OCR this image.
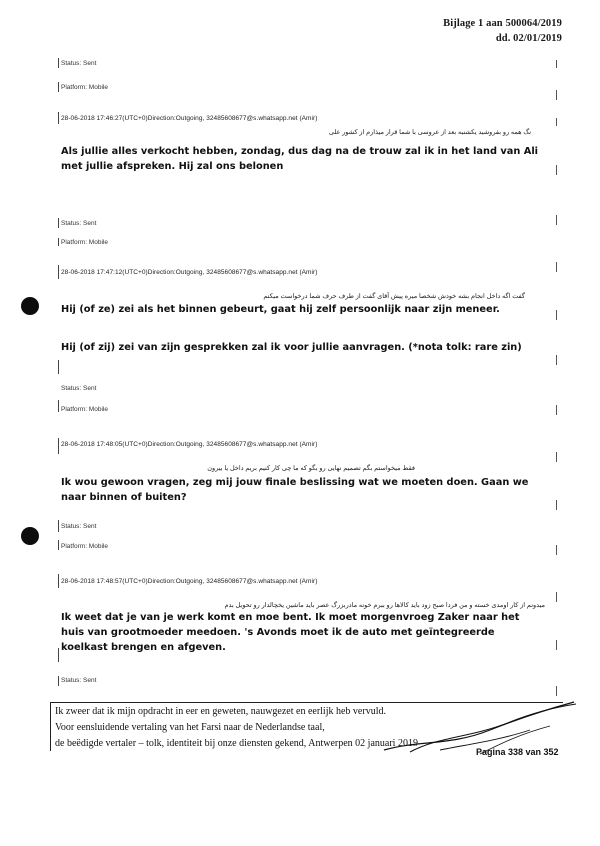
Bijlage 1 aan 500064/2019
dd. 02/01/2019
Status: Sent
Platform: Mobile
28-06-2018 17:46:27(UTC+0)Direction:Outgoing, 32485608677@s.whatsapp.net (Amir)
نگ همه رو بفروشید یکشنبه بعد از عروسی با شما قرار میذارم از کشور علی
Als jullie alles verkocht hebben, zondag, dus dag na de trouw zal ik in het land van Ali met jullie afspreken. Hij zal ons belonen
Status: Sent
Platform: Mobile
28-06-2018 17:47:12(UTC+0)Direction:Outgoing, 32485608677@s.whatsapp.net (Amir)
گفت اگه داخل انجام بشه خودش شخصا میره پیش آقای گفت از طرف حرف شما درخواست میکنم
Hij (of ze) zei als het binnen gebeurt, gaat hij zelf persoonlijk naar zijn meneer.
Hij (of zij) zei van zijn gesprekken zal ik voor jullie aanvragen. (*nota tolk: rare zin)
Status: Sent
Platform: Mobile
28-06-2018 17:48:05(UTC+0)Direction:Outgoing, 32485608677@s.whatsapp.net (Amir)
فقط میخواستم بگم تصمیم نهایی رو بگو که ما چی کار کنیم بریم داخل یا بیرون
Ik wou gewoon vragen, zeg mij jouw finale beslissing wat we moeten doen. Gaan we naar binnen of buiten?
Status: Sent
Platform: Mobile
28-06-2018 17:48:57(UTC+0)Direction:Outgoing, 32485608677@s.whatsapp.net (Amir)
میدونم از کار اومدی خسته و من فردا صبح زود باید کالاها رو ببرم خونه مادربزرگ عصر باید ماشین یخچالدار رو تحویل بدم
Ik weet dat je van je werk komt en moe bent. Ik moet morgenvroeg Zaker naar het huis van grootmoeder meedoen. 's Avonds moet ik de auto met geïntegreerde koelkast brengen en afgeven.
Status: Sent
Ik zweer dat ik mijn opdracht in eer en geweten, nauwgezet en eerlijk heb vervuld.
Voor eensluidende vertaling van het Farsi naar de Nederlandse taal,
de beëdigde vertaler – tolk, identiteit bij onze diensten gekend, Antwerpen 02 januari 2019
Pagina 338 van 352
